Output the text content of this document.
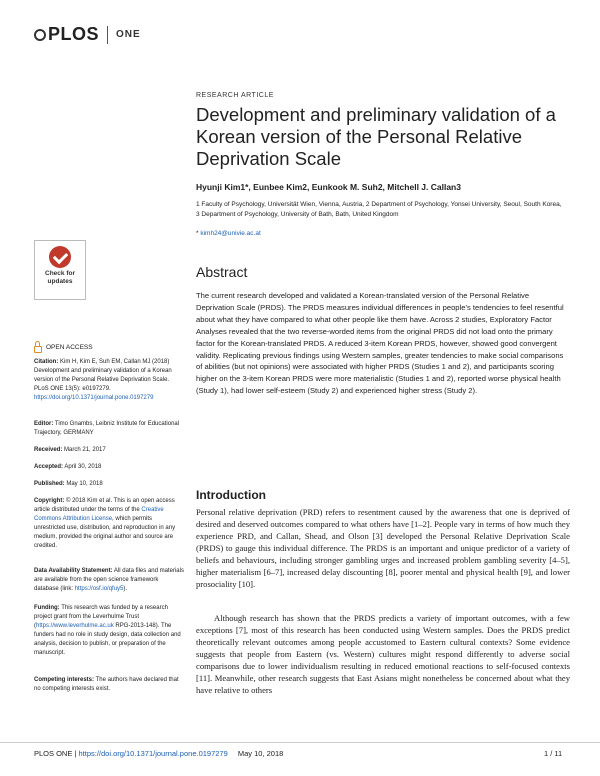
PLOS ONE
RESEARCH ARTICLE
Development and preliminary validation of a Korean version of the Personal Relative Deprivation Scale
Hyunji Kim1*, Eunbee Kim2, Eunkook M. Suh2, Mitchell J. Callan3
1 Faculty of Psychology, Universität Wien, Vienna, Austria, 2 Department of Psychology, Yonsei University, Seoul, South Korea, 3 Department of Psychology, University of Bath, Bath, United Kingdom
* kimh24@univie.ac.at
Abstract
The current research developed and validated a Korean-translated version of the Personal Relative Deprivation Scale (PRDS). The PRDS measures individual differences in people’s tendencies to feel resentful about what they have compared to what other people like them have. Across 2 studies, Exploratory Factor Analyses revealed that the two reverse-worded items from the original PRDS did not load onto the primary factor for the Korean-translated PRDS. A reduced 3-item Korean PRDS, however, showed good convergent validity. Replicating previous findings using Western samples, greater tendencies to make social comparisons of abilities (but not opinions) were associated with higher PRDS (Studies 1 and 2), and participants scoring higher on the 3-item Korean PRDS were more materialistic (Studies 1 and 2), reported worse physical health (Study 1), had lower self-esteem (Study 2) and experienced higher stress (Study 2).
Introduction
Personal relative deprivation (PRD) refers to resentment caused by the awareness that one is deprived of desired and deserved outcomes compared to what others have [1–2]. People vary in terms of how much they experience PRD, and Callan, Shead, and Olson [3] developed the Personal Relative Deprivation Scale (PRDS) to gauge this individual difference. The PRDS is an important and unique predictor of a variety of beliefs and behaviours, including stronger gambling urges and increased problem gambling severity [4–5], higher materialism [6–7], increased delay discounting [8], poorer mental and physical health [9], and lower prosociality [10].
Although research has shown that the PRDS predicts a variety of important outcomes, with a few exceptions [7], most of this research has been conducted using Western samples. Does the PRDS predict theoretically relevant outcomes among people accustomed to Eastern cultural contexts? Some evidence suggests that people from Eastern (vs. Western) cultures might respond differently to adverse social comparisons due to lower individualism resulting in reduced emotional reactions to self-focused contexts [11]. Meanwhile, other research suggests that East Asians might nonetheless be concerned about what they have relative to others
Check for updates
OPEN ACCESS
Citation: Kim H, Kim E, Suh EM, Callan MJ (2018) Development and preliminary validation of a Korean version of the Personal Relative Deprivation Scale. PLoS ONE 13(5): e0197279. https://doi.org/10.1371/journal.pone.0197279
Editor: Timo Gnambs, Leibniz Institute for Educational Trajectory, GERMANY
Received: March 21, 2017
Accepted: April 30, 2018
Published: May 10, 2018
Copyright: © 2018 Kim et al. This is an open access article distributed under the terms of the Creative Commons Attribution License, which permits unrestricted use, distribution, and reproduction in any medium, provided the original author and source are credited.
Data Availability Statement: All data files and materials are available from the open science framework database (link: https://osf.io/qfuy5).
Funding: This research was funded by a research project grant from the Leverhulme Trust (https://www.leverhulme.ac.uk RPG-2013-148). The funders had no role in study design, data collection and analysis, decision to publish, or preparation of the manuscript.
Competing interests: The authors have declared that no competing interests exist.
PLOS ONE | https://doi.org/10.1371/journal.pone.0197279 May 10, 2018	1 / 11
